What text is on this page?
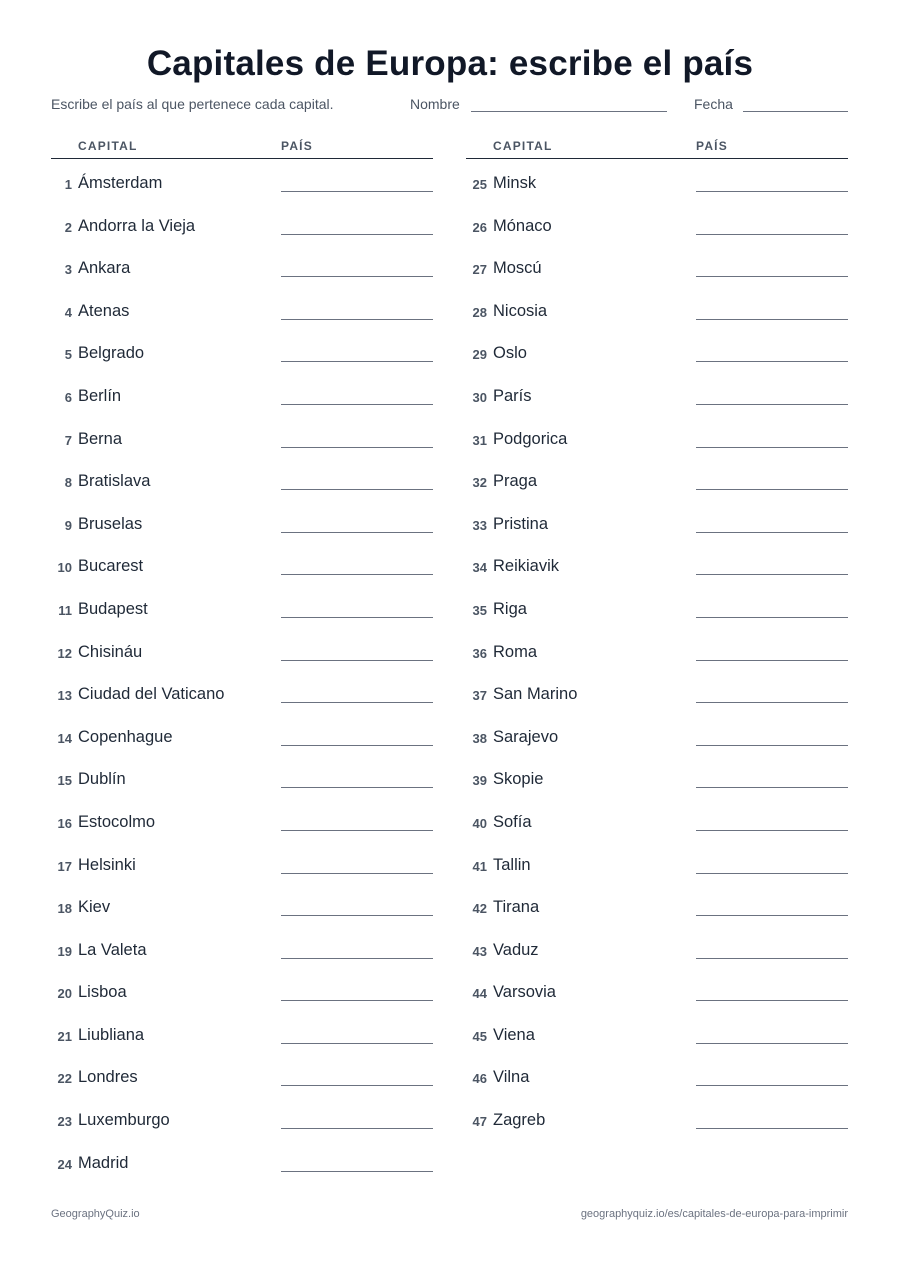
Capitales de Europa: escribe el país
Escribe el país al que pertenece cada capital.	Nombre	Fecha
CAPITAL	PAÍS
1 Ámsterdam
2 Andorra la Vieja
3 Ankara
4 Atenas
5 Belgrado
6 Berlín
7 Berna
8 Bratislava
9 Bruselas
10 Bucarest
11 Budapest
12 Chisináu
13 Ciudad del Vaticano
14 Copenhague
15 Dublín
16 Estocolmo
17 Helsinki
18 Kiev
19 La Valeta
20 Lisboa
21 Liubliana
22 Londres
23 Luxemburgo
24 Madrid
CAPITAL	PAÍS
25 Minsk
26 Mónaco
27 Moscú
28 Nicosia
29 Oslo
30 París
31 Podgorica
32 Praga
33 Pristina
34 Reikiavik
35 Riga
36 Roma
37 San Marino
38 Sarajevo
39 Skopie
40 Sofía
41 Tallin
42 Tirana
43 Vaduz
44 Varsovia
45 Viena
46 Vilna
47 Zagreb
GeographyQuiz.io	geographyquiz.io/es/capitales-de-europa-para-imprimir
